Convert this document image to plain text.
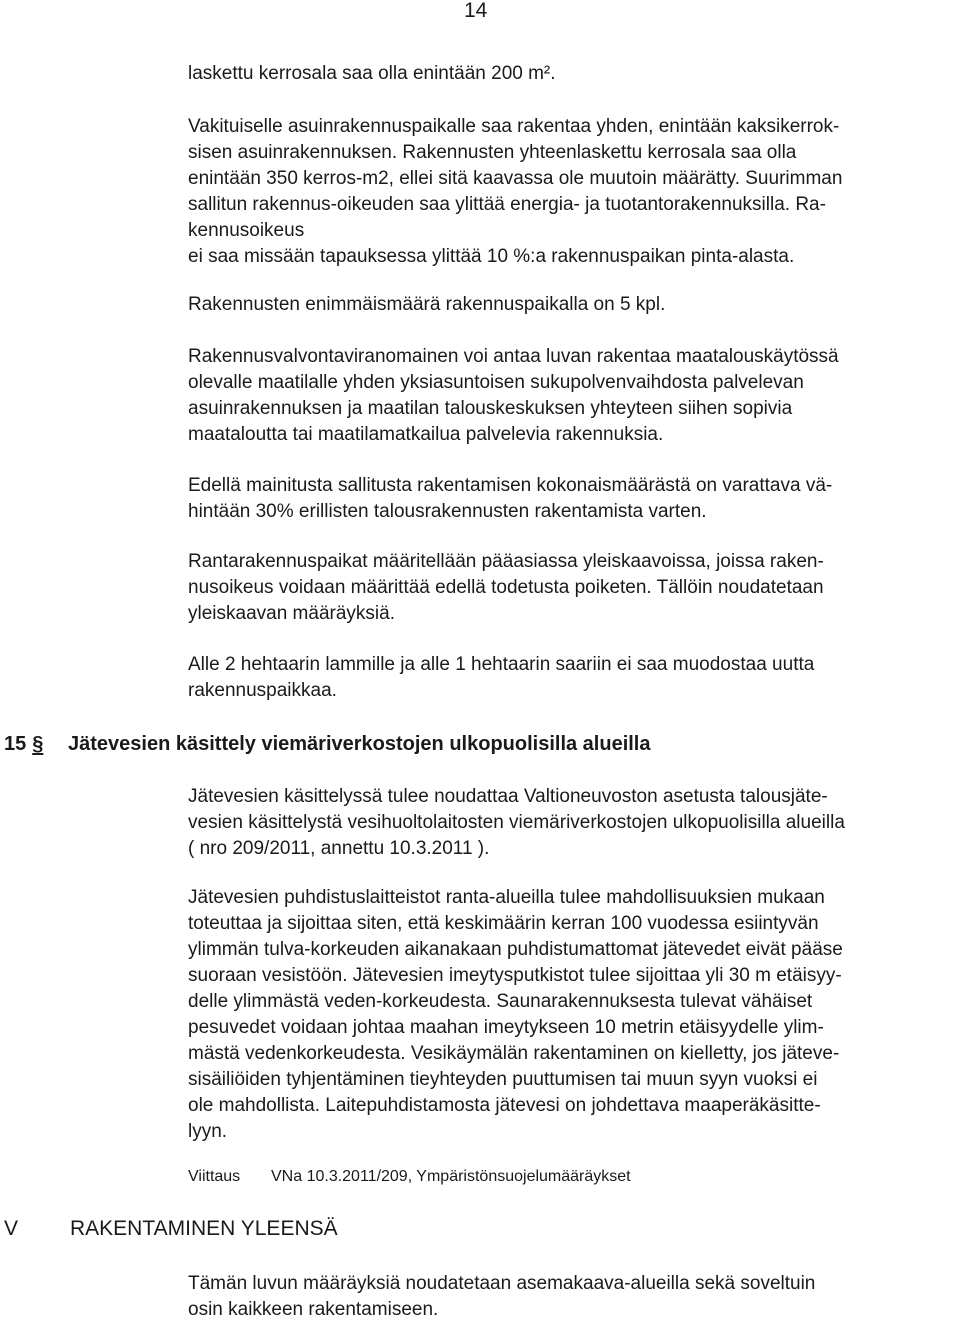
14

laskettu kerrosala saa olla enintään 200 m².

Vakituiselle asuinrakennuspaikalle saa rakentaa yhden, enintään kaksikerrok-
sisen asuinrakennuksen. Rakennusten yhteenlaskettu kerrosala saa olla
enintään 350 kerros-m2, ellei sitä kaavassa ole muutoin määrätty. Suurimman
sallitun rakennus-oikeuden saa ylittää energia- ja tuotantorakennuksilla. Ra-
kennusoikeus
ei saa missään tapauksessa ylittää 10 %:a rakennuspaikan pinta-alasta.

Rakennusten enimmäismäärä rakennuspaikalla on 5 kpl.

Rakennusvalvontaviranomainen voi antaa luvan rakentaa maatalouskäytössä
olevalle maatilalle yhden yksiasuntoisen sukupolvenvaihdosta palvelevan
asuinrakennuksen ja maatilan talouskeskuksen yhteyteen siihen sopivia
maataloutta tai maatilamatkailua palvelevia rakennuksia.

Edellä mainitusta sallitusta rakentamisen kokonaismäärästä on varattava vä-
hintään 30% erillisten talousrakennusten rakentamista varten.

Rantarakennuspaikat määritellään pääasiassa yleiskaavoissa, joissa raken-
nusoikeus voidaan määrittää edellä todetusta poiketen. Tällöin noudatetaan
yleiskaavan määräyksiä.

Alle 2 hehtaarin lammille ja alle 1 hehtaarin saariin ei saa muodostaa uutta
rakennuspaikkaa.

15 § Jätevesien käsittely viemäriverkostojen ulkopuolisilla alueilla

Jätevesien käsittelyssä tulee noudattaa Valtioneuvoston asetusta talousjäte-
vesien käsittelystä vesihuoltolaitosten viemäriverkostojen ulkopuolisilla alueilla
( nro 209/2011, annettu 10.3.2011 ).

Jätevesien puhdistuslaitteistot ranta-alueilla tulee mahdollisuuksien mukaan
toteuttaa ja sijoittaa siten, että keskimäärin kerran 100 vuodessa esiintyvän
ylimmän tulva-korkeuden aikanakaan puhdistumattomat jätevedet eivät pääse
suoraan vesistöön. Jätevesien imeytysputkistot tulee sijoittaa yli 30 m etäisyy-
delle ylimmästä veden-korkeudesta. Saunarakennuksesta tulevat vähäiset
pesuvedet voidaan johtaa maahan imeytykseen 10 metrin etäisyydelle ylim-
mästä vedenkorkeudesta. Vesikäymälän rakentaminen on kielletty, jos jäteve-
sisäiliöiden tyhjentäminen tieyhteyden puuttumisen tai muun syyn vuoksi ei
ole mahdollista. Laitepuhdistamosta jätevesi on johdettava maaperäkäsitte-
lyyn.

Viittaus VNa 10.3.2011/209, Ympäristönsuojelumääräykset
V RAKENTAMINEN YLEENSÄ

Tämän luvun määräyksiä noudatetaan asemakaava-alueilla sekä soveltuin
osin kaikkeen rakentamiseen.
